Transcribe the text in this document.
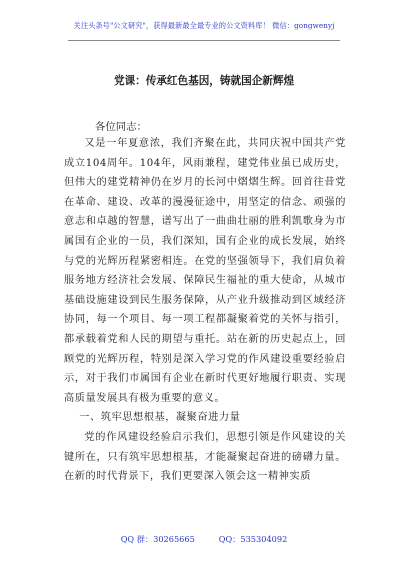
关注头条号"公文研究"，获得最新最全最专业的公文资料库！ 微信：gongwenyj
党课：传承红色基因，铸就国企新辉煌
各位同志：

又是一年夏意浓，我们齐聚在此，共同庆祝中国共产党成立104周年。104年，风雨兼程，建党伟业虽已成历史，但伟大的建党精神仍在岁月的长河中熠熠生辉。回首往昔党在革命、建设、改革的漫漫征途中，用坚定的信念、顽强的意志和卓越的智慧，谱写出了一曲曲壮丽的胜利凯歌身为市属国有企业的一员，我们深知，国有企业的成长发展，始终与党的光辉历程紧密相连。在党的坚强领导下，我们肩负着服务地方经济社会发展、保障民生福祉的重大使命，从城市基础设施建设到民生服务保障，从产业升级推动到区域经济协同，每一个项目、每一项工程都凝聚着党的关怀与指引，都承载着党和人民的期望与重托。站在新的历史起点上，回顾党的光辉历程，特别是深入学习党的作风建设重要经验启示，对于我们市属国有企业在新时代更好地履行职责、实现高质量发展具有极为重要的意义。

一、筑牢思想根基，凝聚奋进力量

党的作风建设经验启示我们，思想引领是作风建设的关键所在，只有筑牢思想根基，才能凝聚起奋进的磅礴力量。在新的时代背景下，我们更要深入领会这一精神实质

QQ 群：30265665	QQ：535304092
